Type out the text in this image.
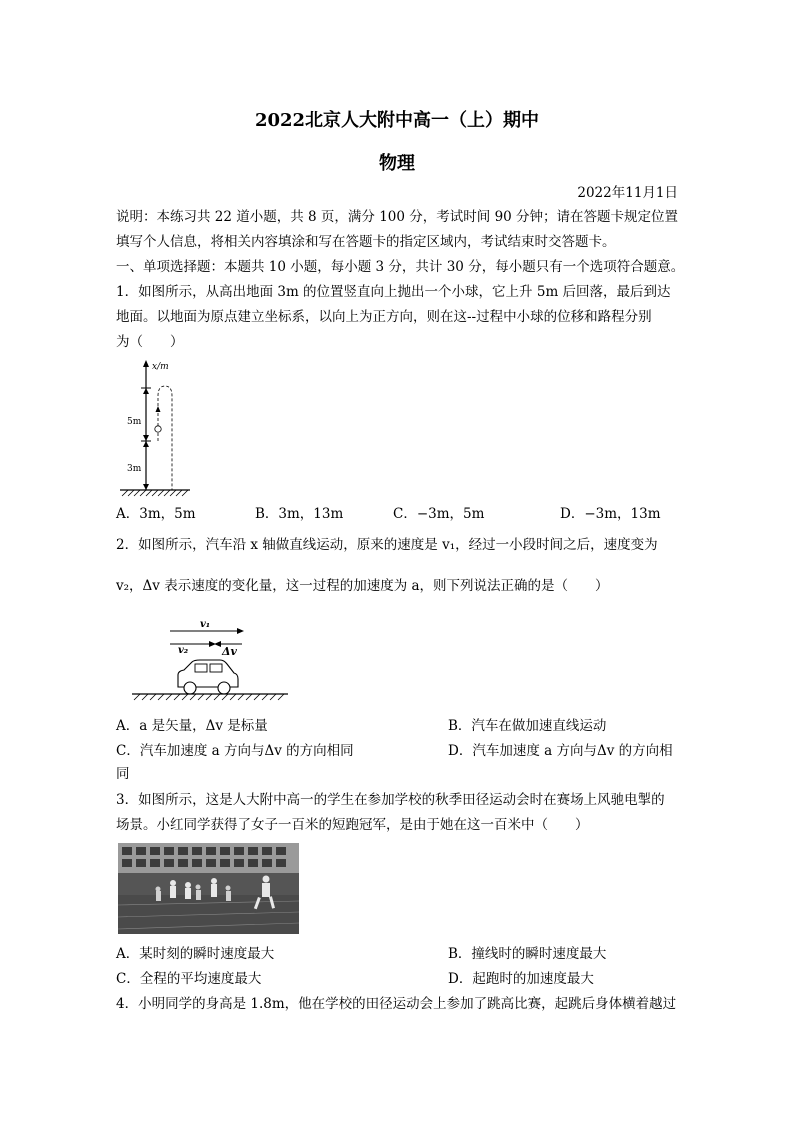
2022北京人大附中高一（上）期中
物理
2022年11月1日
说明：本练习共 22 道小题，共 8 页，满分 100 分，考试时间 90 分钟；请在答题卡规定位置
填写个人信息，将相关内容填涂和写在答题卡的指定区域内，考试结束时交答题卡。
一、单项选择题：本题共 10 小题，每小题 3 分，共计 30 分，每小题只有一个选项符合题意。
1．如图所示，从高出地面 3m 的位置竖直向上抛出一个小球，它上升 5m 后回落，最后到达
地面。以地面为原点建立坐标系，以向上为正方向，则在这--过程中小球的位移和路程分别
为（　　）
x/m
5m
3m
A．3m，5m	B．3m，13m	C．−3m，5m	D．−3m，13m
2．如图所示，汽车沿 x 轴做直线运动，原来的速度是 v₁，经过一小段时间之后，速度变为
v₂，Δv 表示速度的变化量，这一过程的加速度为 a，则下列说法正确的是（　　）
v₁
v₂	Δv
A．a 是矢量，Δv 是标量	B．汽车在做加速直线运动
C．汽车加速度 a 方向与Δv 的方向相同	D．汽车加速度 a 方向与Δv 的方向相
同
3．如图所示，这是人大附中高一的学生在参加学校的秋季田径运动会时在赛场上风驰电掣的
场景。小红同学获得了女子一百米的短跑冠军，是由于她在这一百米中（　　）
A．某时刻的瞬时速度最大	B．撞线时的瞬时速度最大
C．全程的平均速度最大	D．起跑时的加速度最大
4．小明同学的身高是 1.8m，他在学校的田径运动会上参加了跳高比赛，起跳后身体横着越过
